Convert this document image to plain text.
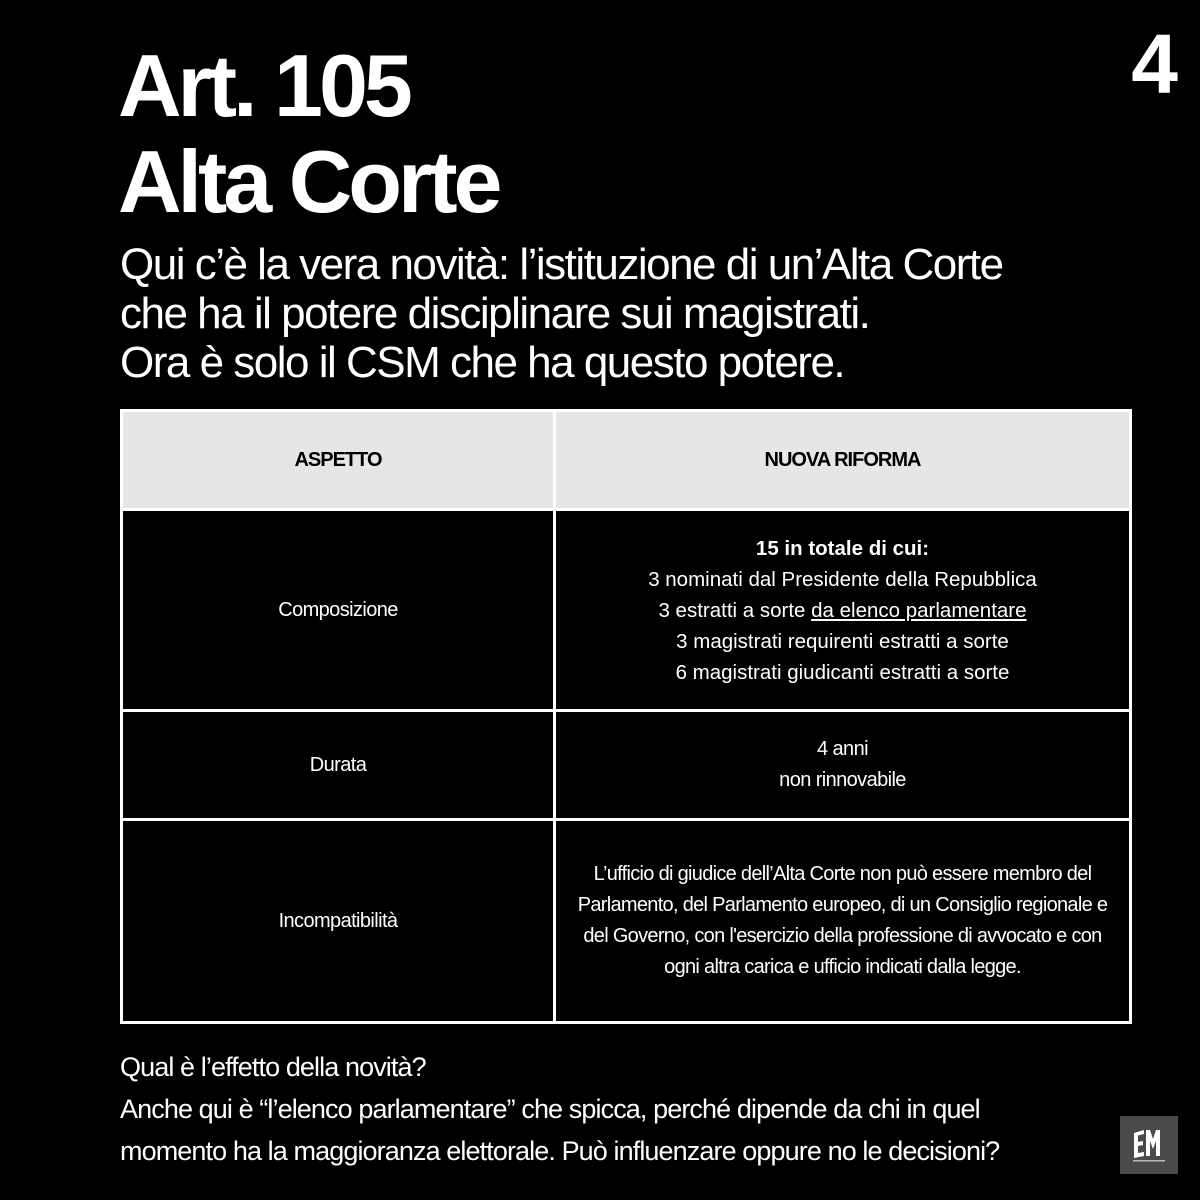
4
Art. 105
Alta Corte

Qui c’è la vera novità: l’istituzione di un’Alta Corte
che ha il potere disciplinare sui magistrati.
Ora è solo il CSM che ha questo potere.

ASPETTO	NUOVA RIFORMA
Composizione	15 in totale di cui:
3 nominati dal Presidente della Repubblica
3 estratti a sorte da elenco parlamentare
3 magistrati requirenti estratti a sorte
6 magistrati giudicanti estratti a sorte

Durata	4 anni
non rinnovabile

Incompatibilità	L’ufficio di giudice dell’Alta Corte non può essere membro del Parlamento, del Parlamento europeo, di un Consiglio regionale e del Governo, con l'esercizio della professione di avvocato e con ogni altra carica e ufficio indicati dalla legge.
Qual è l’effetto della novità?
Anche qui è “l’elenco parlamentare” che spicca, perché dipende da chi in quel
momento ha la maggioranza elettorale. Può influenzare oppure no le decisioni?
